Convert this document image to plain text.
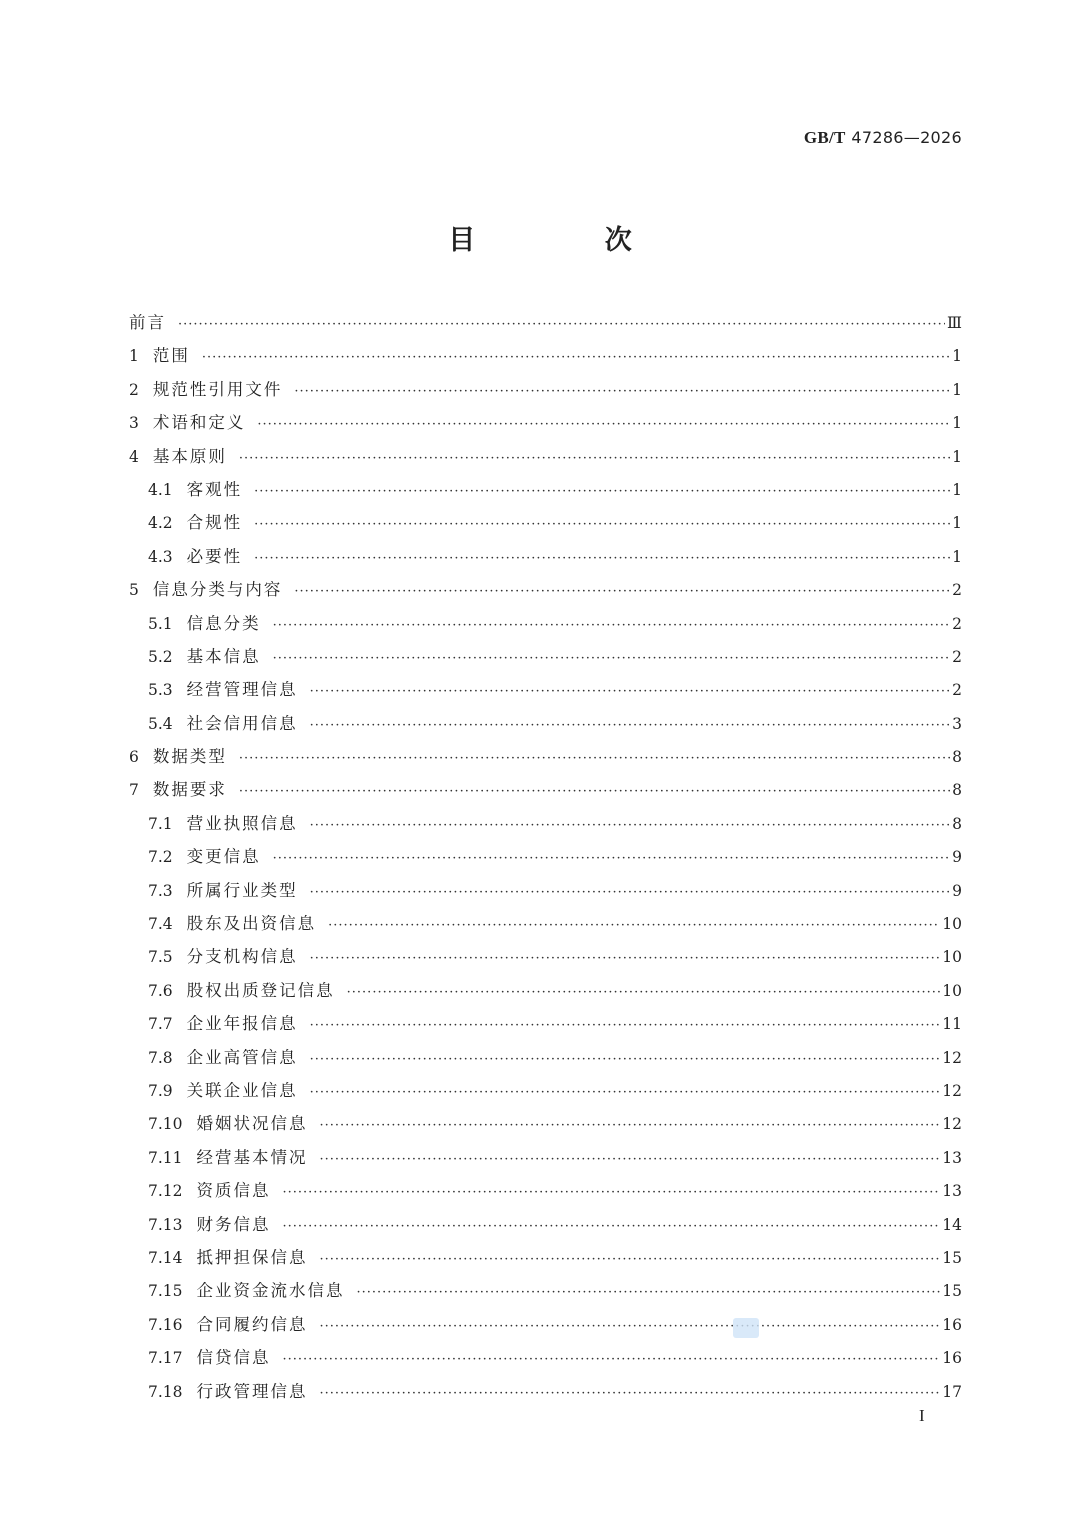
GB/T 47286—2026
目 次
前言 ·····	Ⅲ
1 范围 ·····	1
2 规范性引用文件 ·····	1
3 术语和定义 ·····	1
4 基本原则 ·····	1
4.1 客观性 ·····	1
4.2 合规性 ·····	1
4.3 必要性 ·····	1
5 信息分类与内容 ·····	2
5.1 信息分类 ·····	2
5.2 基本信息 ·····	2
5.3 经营管理信息 ·····	2
5.4 社会信用信息 ·····	3
6 数据类型 ·····	8
7 数据要求 ·····	8
7.1 营业执照信息 ·····	8
7.2 变更信息 ·····	9
7.3 所属行业类型 ·····	9
7.4 股东及出资信息 ·····	10
7.5 分支机构信息 ·····	10
7.6 股权出质登记信息 ·····	10
7.7 企业年报信息 ·····	11
7.8 企业高管信息 ·····	12
7.9 关联企业信息 ·····	12
7.10 婚姻状况信息 ·····	12
7.11 经营基本情况 ·····	13
7.12 资质信息 ·····	13
7.13 财务信息 ·····	14
7.14 抵押担保信息 ·····	15
7.15 企业资金流水信息 ·····	15
7.16 合同履约信息 ·····	16
7.17 信贷信息 ·····	16
7.18 行政管理信息 ·····	17
I
